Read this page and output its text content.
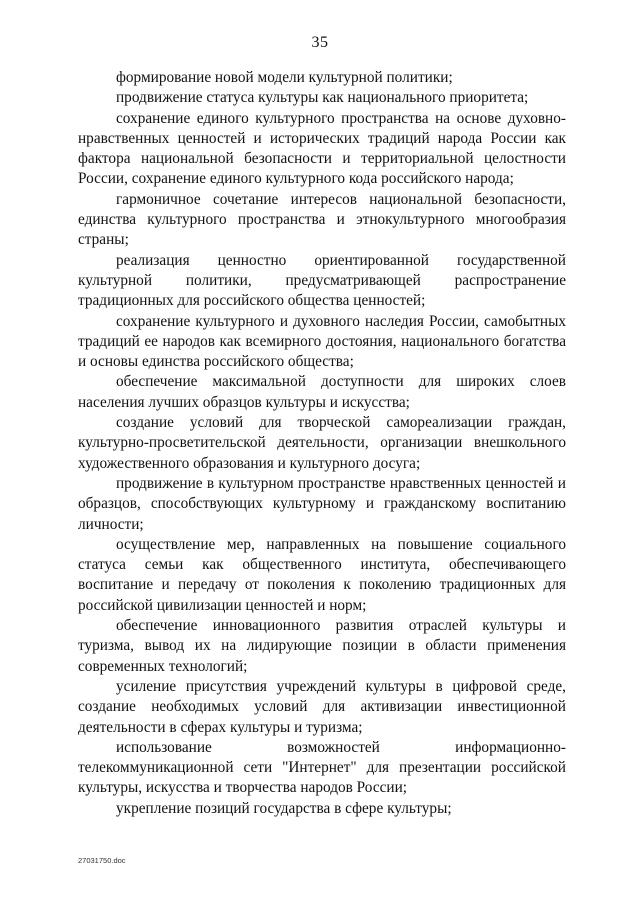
35

формирование новой модели культурной политики;

продвижение статуса культуры как национального приоритета;

сохранение единого культурного пространства на основе духовно-нравственных ценностей и исторических традиций народа России как фактора национальной безопасности и территориальной целостности России, сохранение единого культурного кода российского народа;

гармоничное сочетание интересов национальной безопасности, единства культурного пространства и этнокультурного многообразия страны;

реализация ценностно ориентированной государственной культурной политики, предусматривающей распространение традиционных для российского общества ценностей;

сохранение культурного и духовного наследия России, самобытных традиций ее народов как всемирного достояния, национального богатства и основы единства российского общества;

обеспечение максимальной доступности для широких слоев населения лучших образцов культуры и искусства;

создание условий для творческой самореализации граждан, культурно-просветительской деятельности, организации внешкольного художественного образования и культурного досуга;

продвижение в культурном пространстве нравственных ценностей и образцов, способствующих культурному и гражданскому воспитанию личности;

осуществление мер, направленных на повышение социального статуса семьи как общественного института, обеспечивающего воспитание и передачу от поколения к поколению традиционных для российской цивилизации ценностей и норм;

обеспечение инновационного развития отраслей культуры и туризма, вывод их на лидирующие позиции в области применения современных технологий;

усиление присутствия учреждений культуры в цифровой среде, создание необходимых условий для активизации инвестиционной деятельности в сферах культуры и туризма;

использование возможностей информационно-телекоммуникационной сети "Интернет" для презентации российской культуры, искусства и творчества народов России;

укрепление позиций государства в сфере культуры;

27031750.doc
